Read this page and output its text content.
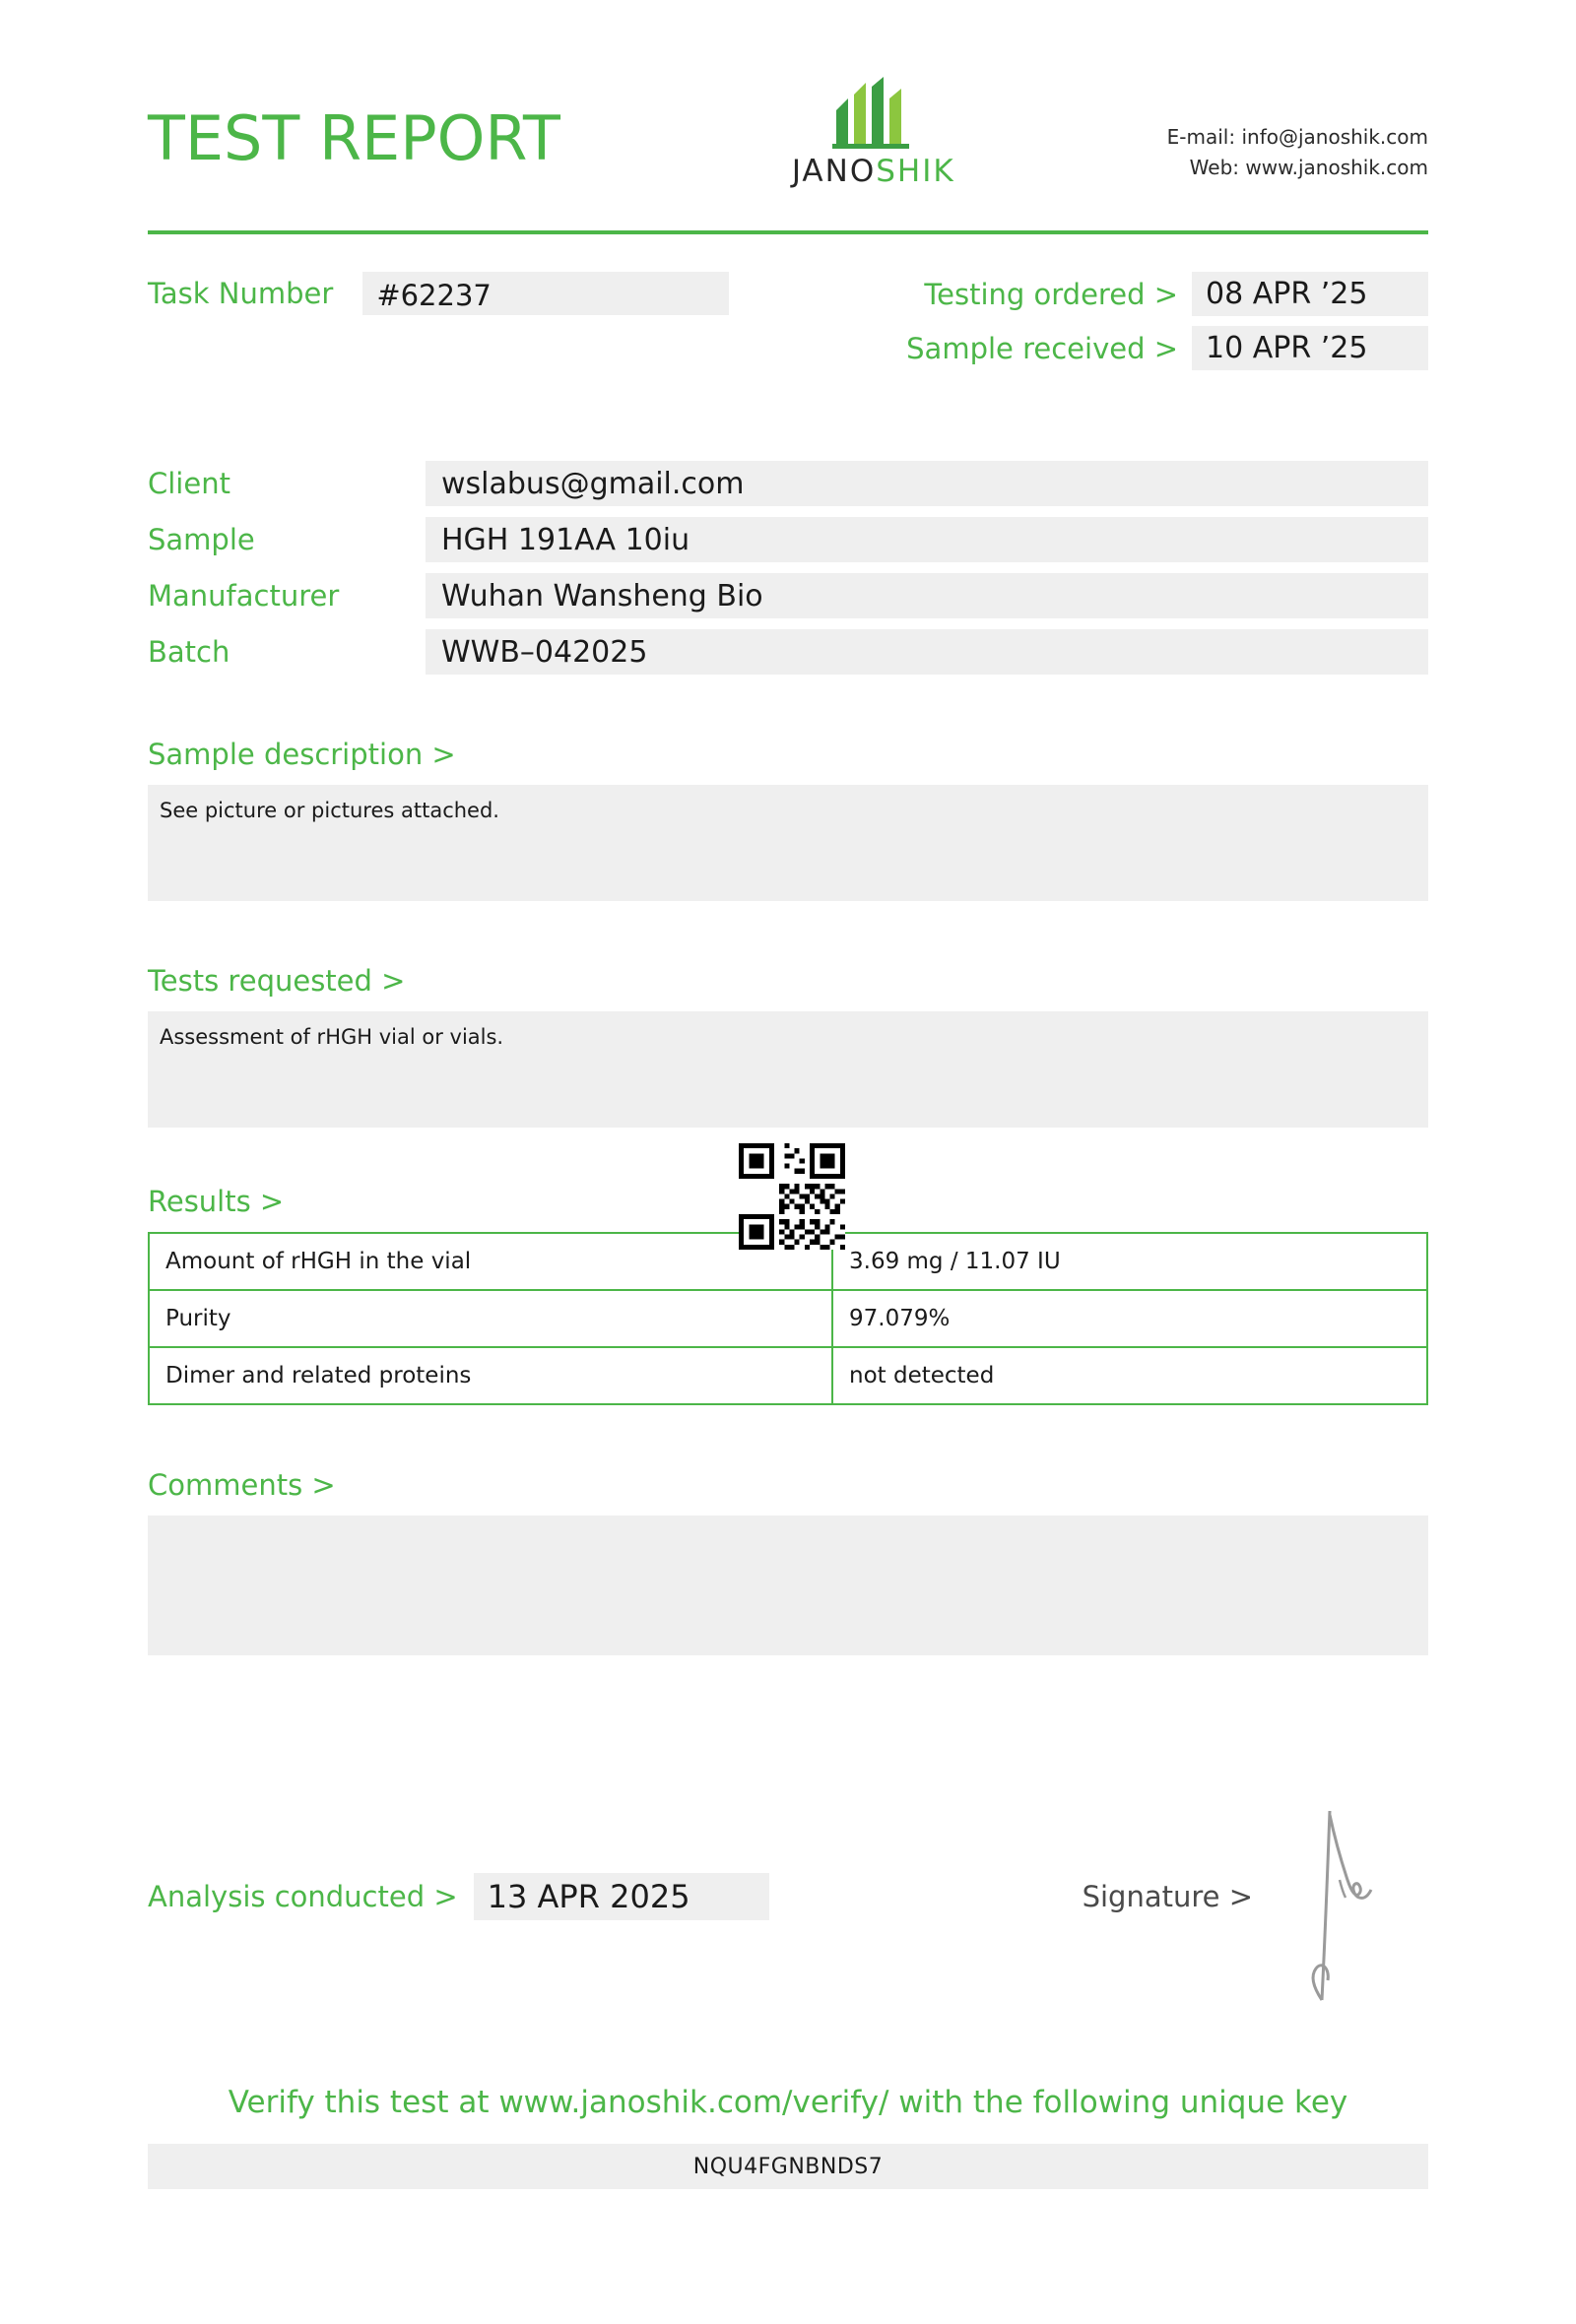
TEST REPORT	JANOSHIK
E-mail: info@janoshik.com
Web: www.janoshik.com
Task Number	#62237	Testing ordered > 08 APR ’25
Sample received > 10 APR ’25
Client	wslabus@gmail.com
Sample	HGH 191AA 10iu
Manufacturer	Wuhan Wansheng Bio
Batch	WWB–042025
Sample description >
See picture or pictures attached.
Tests requested >
Assessment of rHGH vial or vials.
Results >
Amount of rHGH in the vial	3.69 mg / 11.07 IU
Purity	97.079%
Dimer and related proteins	not detected
Comments >
Analysis conducted > 13 APR 2025	Signature >
Verify this test at www.janoshik.com/verify/ with the following unique key
NQU4FGNBNDS7
